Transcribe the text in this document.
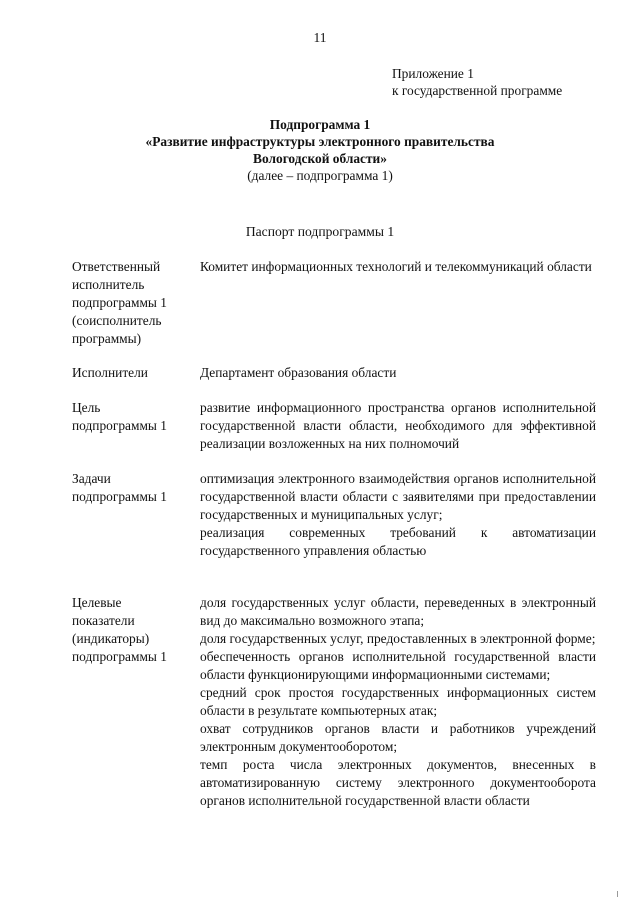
11
Приложение 1
к государственной программе
Подпрограмма 1
«Развитие инфраструктуры электронного правительства
Вологодской области»
(далее – подпрограмма 1)
Паспорт подпрограммы 1
Ответственный
исполнитель
подпрограммы 1
(соисполнитель
программы)
Комитет информационных технологий и телекоммуникаций области
Исполнители	Департамент образования области
Цель
подпрограммы 1
развитие информационного пространства органов исполнительной государственной власти области, необходимого для эффективной реализации возложенных на них полномочий
Задачи
подпрограммы 1
оптимизация электронного взаимодействия органов исполнительной государственной власти области с заявителями при предоставлении государственных и муниципальных услуг;
реализация современных требований к автоматизации государственного управления областью
Целевые
показатели
(индикаторы)
подпрограммы 1
доля государственных услуг области, переведенных в электронный вид до максимально возможного этапа;
доля государственных услуг, предоставленных в электронной форме;
обеспеченность органов исполнительной государственной власти области функционирующими информационными системами;
средний срок простоя государственных информационных систем области в результате компьютерных атак;
охват сотрудников органов власти и работников учреждений электронным документооборотом;
темп роста числа электронных документов, внесенных в автоматизированную систему электронного документооборота органов исполнительной государственной власти области
